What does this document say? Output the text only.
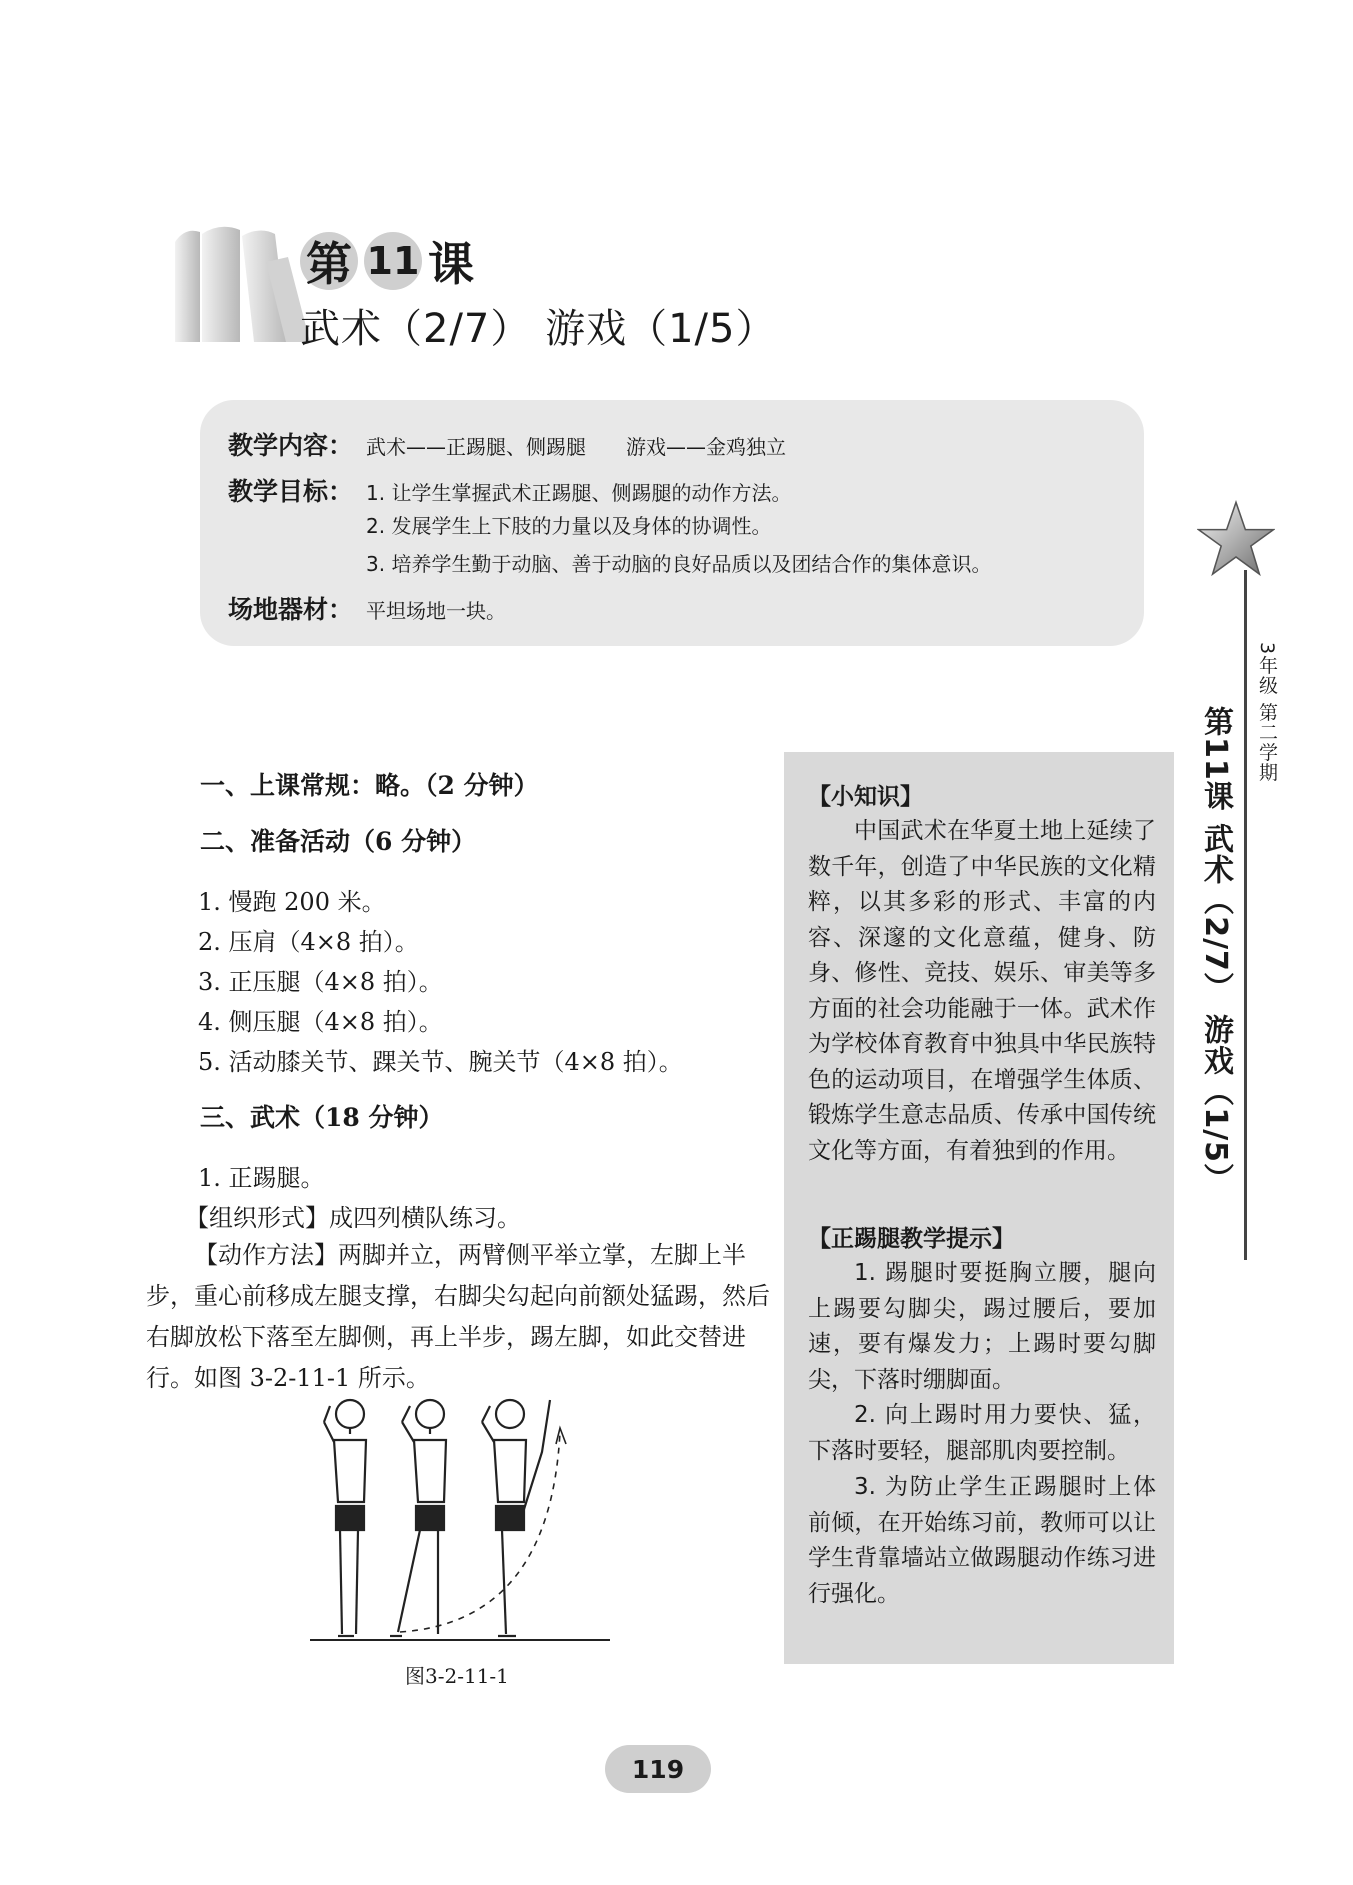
第 11 课
武术（2/7） 游戏（1/5）
教学内容： 武术——正踢腿、侧踢腿　　游戏——金鸡独立
教学目标： 1. 让学生掌握武术正踢腿、侧踢腿的动作方法。
2. 发展学生上下肢的力量以及身体的协调性。
3. 培养学生勤于动脑、善于动脑的良好品质以及团结合作的集体意识。
场地器材： 平坦场地一块。
3年级 第二学期
第11课 武术（2/7） 游戏（1/5）
一、上课常规：略。（2 分钟）
二、准备活动（6 分钟）
1. 慢跑 200 米。
2. 压肩（4×8 拍）。
3. 正压腿（4×8 拍）。
4. 侧压腿（4×8 拍）。
5. 活动膝关节、踝关节、腕关节（4×8 拍）。
三、武术（18 分钟）
1. 正踢腿。
【组织形式】成四列横队练习。
【动作方法】两脚并立，两臂侧平举立掌，左脚上半步，重心前移成左腿支撑，右脚尖勾起向前额处猛踢，然后右脚放松下落至左脚侧，再上半步，踢左脚，如此交替进行。如图 3-2-11-1 所示。
图3-2-11-1
【小知识】
中国武术在华夏土地上延续了数千年，创造了中华民族的文化精粹，以其多彩的形式、丰富的内容、深邃的文化意蕴，健身、防身、修性、竞技、娱乐、审美等多方面的社会功能融于一体。武术作为学校体育教育中独具中华民族特色的运动项目，在增强学生体质、锻炼学生意志品质、传承中国传统文化等方面，有着独到的作用。
【正踢腿教学提示】
1. 踢腿时要挺胸立腰，腿向上踢要勾脚尖，踢过腰后，要加速，要有爆发力；上踢时要勾脚尖，下落时绷脚面。
2. 向上踢时用力要快、猛，下落时要轻，腿部肌肉要控制。
3. 为防止学生正踢腿时上体前倾，在开始练习前，教师可以让学生背靠墙站立做踢腿动作练习进行强化。
119
